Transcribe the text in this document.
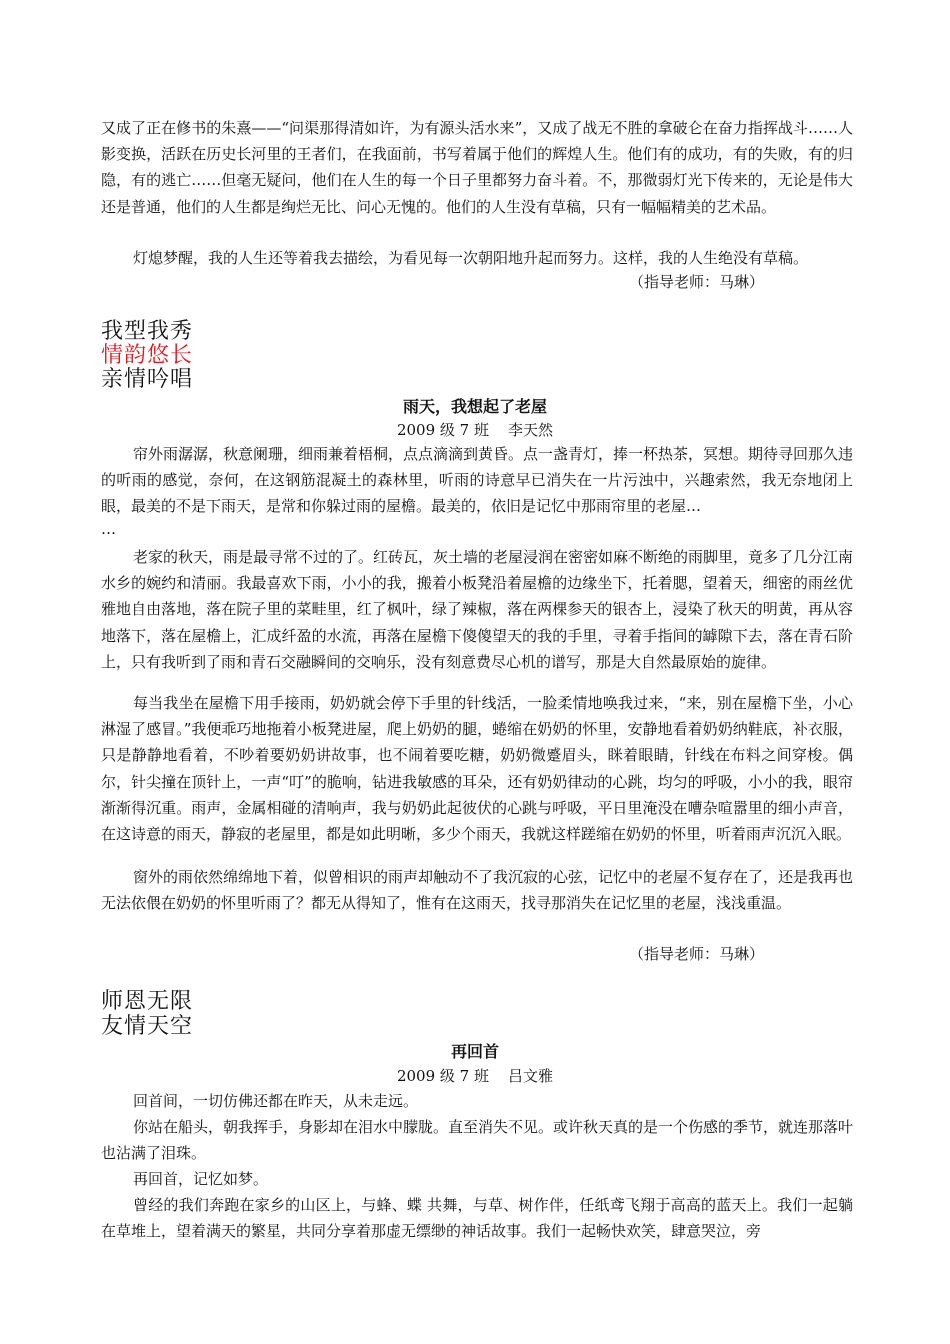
又成了正在修书的朱熹——“问渠那得清如许，为有源头活水来”，又成了战无不胜的拿破仑在奋力指挥战斗……人影变换，活跃在历史长河里的王者们，在我面前，书写着属于他们的辉煌人生。他们有的成功，有的失败，有的归隐，有的逃亡……但毫无疑问，他们在人生的每一个日子里都努力奋斗着。不，那微弱灯光下传来的，无论是伟大还是普通，他们的人生都是绚烂无比、问心无愧的。他们的人生没有草稿，只有一幅幅精美的艺术品。

灯熄梦醒，我的人生还等着我去描绘，为看见每一次朝阳地升起而努力。这样，我的人生绝没有草稿。

（指导老师：马琳）
我型我秀
情韵悠长
亲情吟唱
雨天，我想起了老屋
2009 级 7 班    李天然

帘外雨潺潺，秋意阑珊，细雨兼着梧桐，点点滴滴到黄昏。点一盏青灯，捧一杯热茶，冥想。期待寻回那久违的听雨的感觉，奈何，在这钢筋混凝土的森林里，听雨的诗意早已消失在一片污浊中，兴趣索然，我无奈地闭上眼，最美的不是下雨天，是常和你躲过雨的屋檐。最美的，依旧是记忆中那雨帘里的老屋…

…

老家的秋天，雨是最寻常不过的了。红砖瓦，灰土墙的老屋浸润在密密如麻不断绝的雨脚里，竟多了几分江南水乡的婉约和清丽。我最喜欢下雨，小小的我，搬着小板凳沿着屋檐的边缘坐下，托着腮，望着天，细密的雨丝优雅地自由落地，落在院子里的菜畦里，红了枫叶，绿了辣椒，落在两棵参天的银杏上，浸染了秋天的明黄，再从容地落下，落在屋檐上，汇成纤盈的水流，再落在屋檐下傻傻望天的我的手里，寻着手指间的罅隙下去，落在青石阶上，只有我听到了雨和青石交融瞬间的交响乐，没有刻意费尽心机的谱写，那是大自然最原始的旋律。

每当我坐在屋檐下用手接雨，奶奶就会停下手里的针线活，一脸柔情地唤我过来，“来，别在屋檐下坐，小心淋湿了感冒。”我便乖巧地拖着小板凳进屋，爬上奶奶的腿，蜷缩在奶奶的怀里，安静地看着奶奶纳鞋底，补衣服，只是静静地看着，不吵着要奶奶讲故事，也不闹着要吃糖，奶奶微蹙眉头，眯着眼睛，针线在布料之间穿梭。偶尔，针尖撞在顶针上，一声“叮”的脆响，钻进我敏感的耳朵，还有奶奶律动的心跳，均匀的呼吸，小小的我，眼帘渐渐得沉重。雨声，金属相碰的清响声，我与奶奶此起彼伏的心跳与呼吸，平日里淹没在嘈杂喧嚣里的细小声音，在这诗意的雨天，静寂的老屋里，都是如此明晰，多少个雨天，我就这样蹉缩在奶奶的怀里，听着雨声沉沉入眠。

窗外的雨依然绵绵地下着，似曾相识的雨声却触动不了我沉寂的心弦，记忆中的老屋不复存在了，还是我再也无法依偎在奶奶的怀里听雨了？都无从得知了，惟有在这雨天，找寻那消失在记忆里的老屋，浅浅重温。

（指导老师：马琳）
师恩无限
友情天空
再回首
2009 级 7 班    吕文雅

回首间，一切仿佛还都在昨天，从未走远。

你站在船头，朝我挥手，身影却在泪水中朦胧。直至消失不见。或许秋天真的是一个伤感的季节，就连那落叶也沾满了泪珠。

再回首，记忆如梦。

曾经的我们奔跑在家乡的山区上，与蜂、蝶 共舞，与草、树作伴，任纸鸢飞翔于高高的蓝天上。我们一起躺在草堆上，望着满天的繁星，共同分享着那虚无缥缈的神话故事。我们一起畅快欢笑，肆意哭泣，旁
